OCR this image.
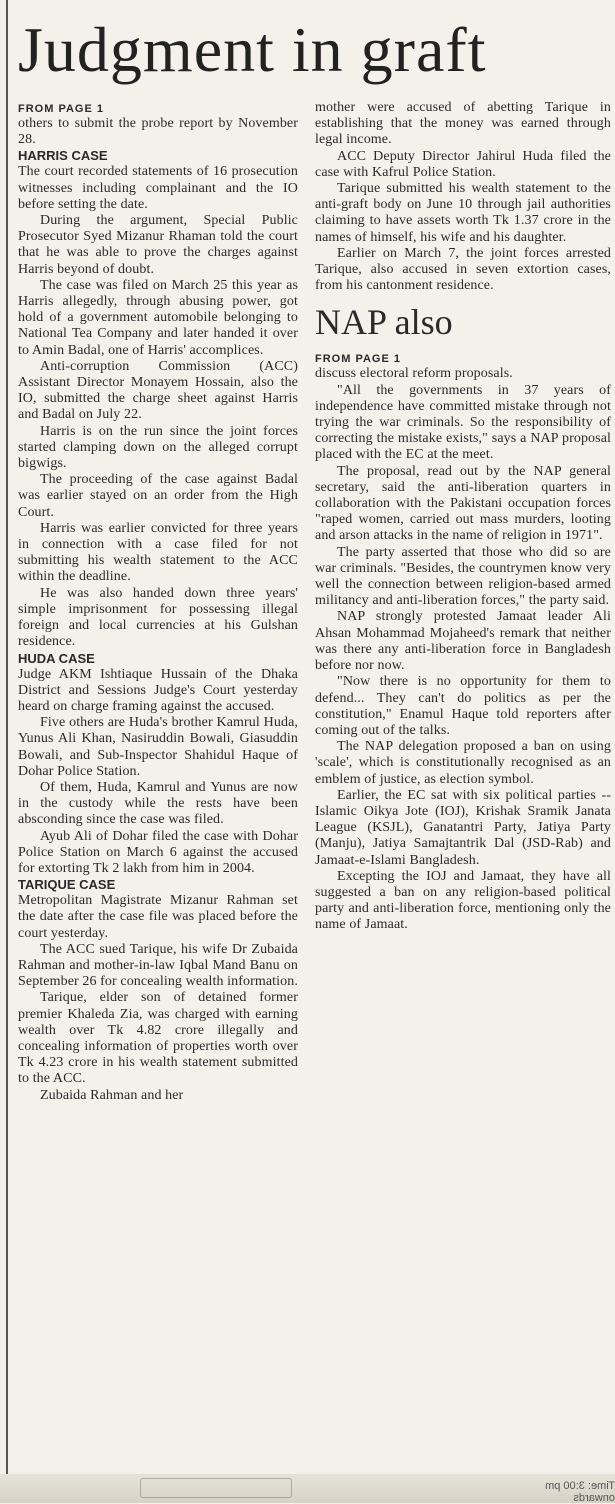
Judgment in graft

FROM PAGE 1

others to submit the probe report by November 28.

HARRIS CASE

The court recorded statements of 16 prosecution witnesses including complainant and the IO before setting the date.

During the argument, Special Public Prosecutor Syed Mizanur Rhaman told the court that he was able to prove the charges against Harris beyond of doubt.

The case was filed on March 25 this year as Harris allegedly, through abusing power, got hold of a government automobile belonging to National Tea Company and later handed it over to Amin Badal, one of Harris' accomplices.

Anti-corruption Commission (ACC) Assistant Director Monayem Hossain, also the IO, submitted the charge sheet against Harris and Badal on July 22.

Harris is on the run since the joint forces started clamping down on the alleged corrupt bigwigs.

The proceeding of the case against Badal was earlier stayed on an order from the High Court.

Harris was earlier convicted for three years in connection with a case filed for not submitting his wealth statement to the ACC within the deadline.

He was also handed down three years' simple imprisonment for possessing illegal foreign and local currencies at his Gulshan residence.

HUDA CASE

Judge AKM Ishtiaque Hussain of the Dhaka District and Sessions Judge's Court yesterday heard on charge framing against the accused.

Five others are Huda's brother Kamrul Huda, Yunus Ali Khan, Nasiruddin Bowali, Giasuddin Bowali, and Sub-Inspector Shahidul Haque of Dohar Police Station.

Of them, Huda, Kamrul and Yunus are now in the custody while the rests have been absconding since the case was filed.

Ayub Ali of Dohar filed the case with Dohar Police Station on March 6 against the accused for extorting Tk 2 lakh from him in 2004.

TARIQUE CASE

Metropolitan Magistrate Mizanur Rahman set the date after the case file was placed before the court yesterday.

The ACC sued Tarique, his wife Dr Zubaida Rahman and mother-in-law Iqbal Mand Banu on September 26 for concealing wealth information.

Tarique, elder son of detained former premier Khaleda Zia, was charged with earning wealth over Tk 4.82 crore illegally and concealing information of properties worth over Tk 4.23 crore in his wealth statement submitted to the ACC.

Zubaida Rahman and her

mother were accused of abetting Tarique in establishing that the money was earned through legal income.

ACC Deputy Director Jahirul Huda filed the case with Kafrul Police Station.

Tarique submitted his wealth statement to the anti-graft body on June 10 through jail authorities claiming to have assets worth Tk 1.37 crore in the names of himself, his wife and his daughter.

Earlier on March 7, the joint forces arrested Tarique, also accused in seven extortion cases, from his cantonment residence.

NAP also

FROM PAGE 1

discuss electoral reform proposals.

"All the governments in 37 years of independence have committed mistake through not trying the war criminals. So the responsibility of correcting the mistake exists," says a NAP proposal placed with the EC at the meet.

The proposal, read out by the NAP general secretary, said the anti-liberation quarters in collaboration with the Pakistani occupation forces "raped women, carried out mass murders, looting and arson attacks in the name of religion in 1971".

The party asserted that those who did so are war criminals. "Besides, the countrymen know very well the connection between religion-based armed militancy and anti-liberation forces," the party said.

NAP strongly protested Jamaat leader Ali Ahsan Mohammad Mojaheed's remark that neither was there any anti-liberation force in Bangladesh before nor now.

"Now there is no opportunity for them to defend... They can't do politics as per the constitution," Enamul Haque told reporters after coming out of the talks.

The NAP delegation proposed a ban on using 'scale', which is constitutionally recognised as an emblem of justice, as election symbol.

Earlier, the EC sat with six political parties -- Islamic Oikya Jote (IOJ), Krishak Sramik Janata League (KSJL), Ganatantri Party, Jatiya Party (Manju), Jatiya Samajtantrik Dal (JSD-Rab) and Jamaat-e-Islami Bangladesh.

Excepting the IOJ and Jamaat, they have all suggested a ban on any religion-based political party and anti-liberation force, mentioning only the name of Jamaat.

Time: 3:00 pm onwards
